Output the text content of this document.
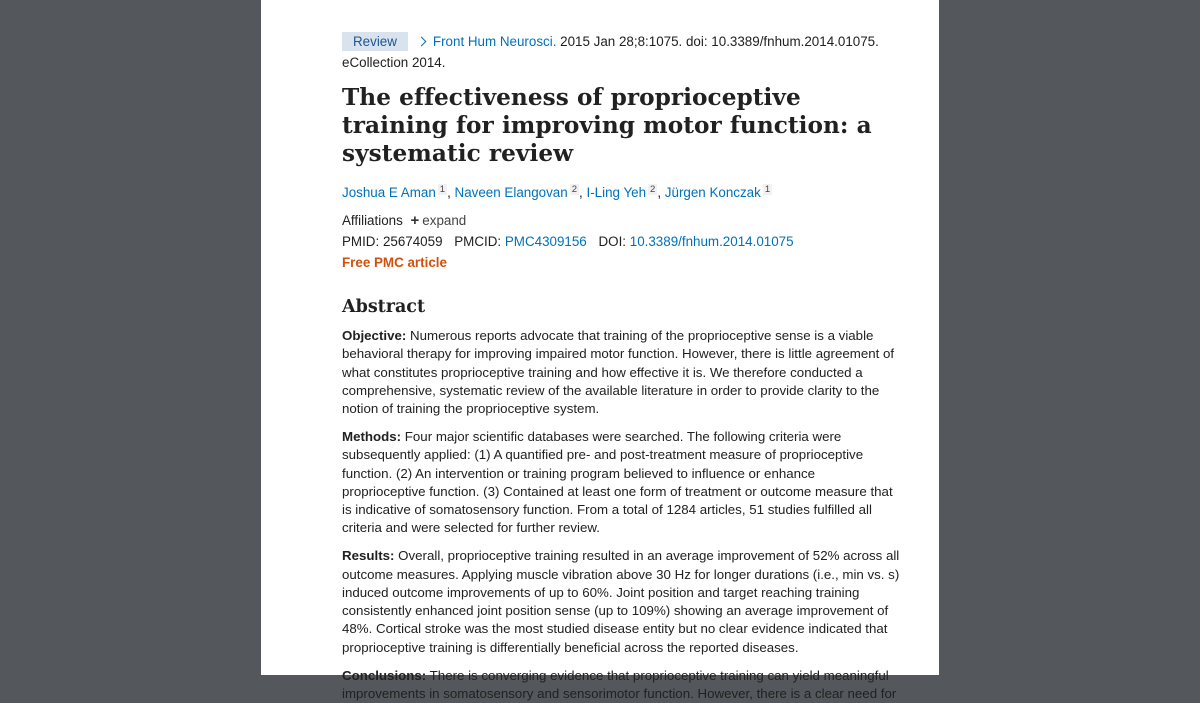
Review	Front Hum Neurosci. 2015 Jan 28;8:1075. doi: 10.3389/fnhum.2014.01075.
eCollection 2014.
The effectiveness of proprioceptive training for improving motor function: a systematic review
Joshua E Aman $^1$ , Naveen Elangovan $^2$ , I-Ling Yeh $^2$ , Jürgen Konczak $^1$
Affiliations + expand
PMID: 25674059 PMCID: PMC4309156 DOI: 10.3389/fnhum.2014.01075
Free PMC article
Abstract

Objective: Numerous reports advocate that training of the proprioceptive sense is a viable behavioral therapy for improving impaired motor function. However, there is little agreement of what constitutes proprioceptive training and how effective it is. We therefore conducted a comprehensive, systematic review of the available literature in order to provide clarity to the notion of training the proprioceptive system.

Methods: Four major scientific databases were searched. The following criteria were subsequently applied: (1) A quantified pre- and post-treatment measure of proprioceptive function. (2) An intervention or training program believed to influence or enhance proprioceptive function. (3) Contained at least one form of treatment or outcome measure that is indicative of somatosensory function. From a total of 1284 articles, 51 studies fulfilled all criteria and were selected for further review.

Results: Overall, proprioceptive training resulted in an average improvement of 52% across all outcome measures. Applying muscle vibration above 30 Hz for longer durations (i.e., min vs. s) induced outcome improvements of up to 60%. Joint position and target reaching training consistently enhanced joint position sense (up to 109%) showing an average improvement of 48%. Cortical stroke was the most studied disease entity but no clear evidence indicated that proprioceptive training is differentially beneficial across the reported diseases.

Conclusions: There is converging evidence that proprioceptive training can yield meaningful improvements in somatosensory and sensorimotor function. However, there is a clear need for
